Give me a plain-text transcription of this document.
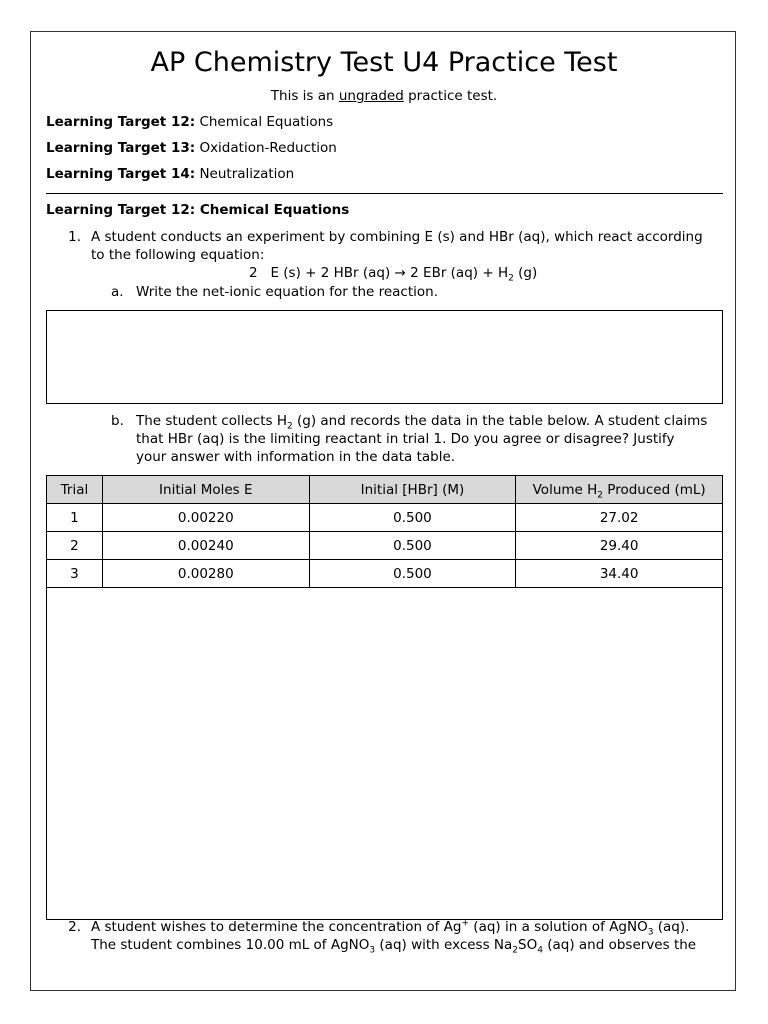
AP Chemistry Test U4 Practice Test
This is an ungraded practice test.
Learning Target 12: Chemical Equations
Learning Target 13: Oxidation-Reduction
Learning Target 14: Neutralization
Learning Target 12: Chemical Equations
1. A student conducts an experiment by combining E (s) and HBr (aq), which react according
to the following equation:
2 E (s) + 2 HBr (aq) → 2 EBr $(aq) + H_2$ (g)
a. Write the net-ionic equation for the reaction.
b. The student collects $H_2$ (g) and records the data in the table below. A student claims
that HBr (aq) is the limiting reactant in trial 1. Do you agree or disagree? Justify
your answer with information in the data table.
Trial	Initial Moles E	Initial [HBr] (M)	Volume $H_2$ Produced (mL)
1	0.00220	0.500	27.02
2	0.00240	0.500	29.40
3	0.00280	0.500	34.40
2. A student wishes to determine the concentration of Ag+ (aq) in a solution of AgNO$_3$ (aq).
The student combines 10.00 mL of AgNO$_3$ (aq) with excess $Na_2SO_4$ (aq) and observes the
